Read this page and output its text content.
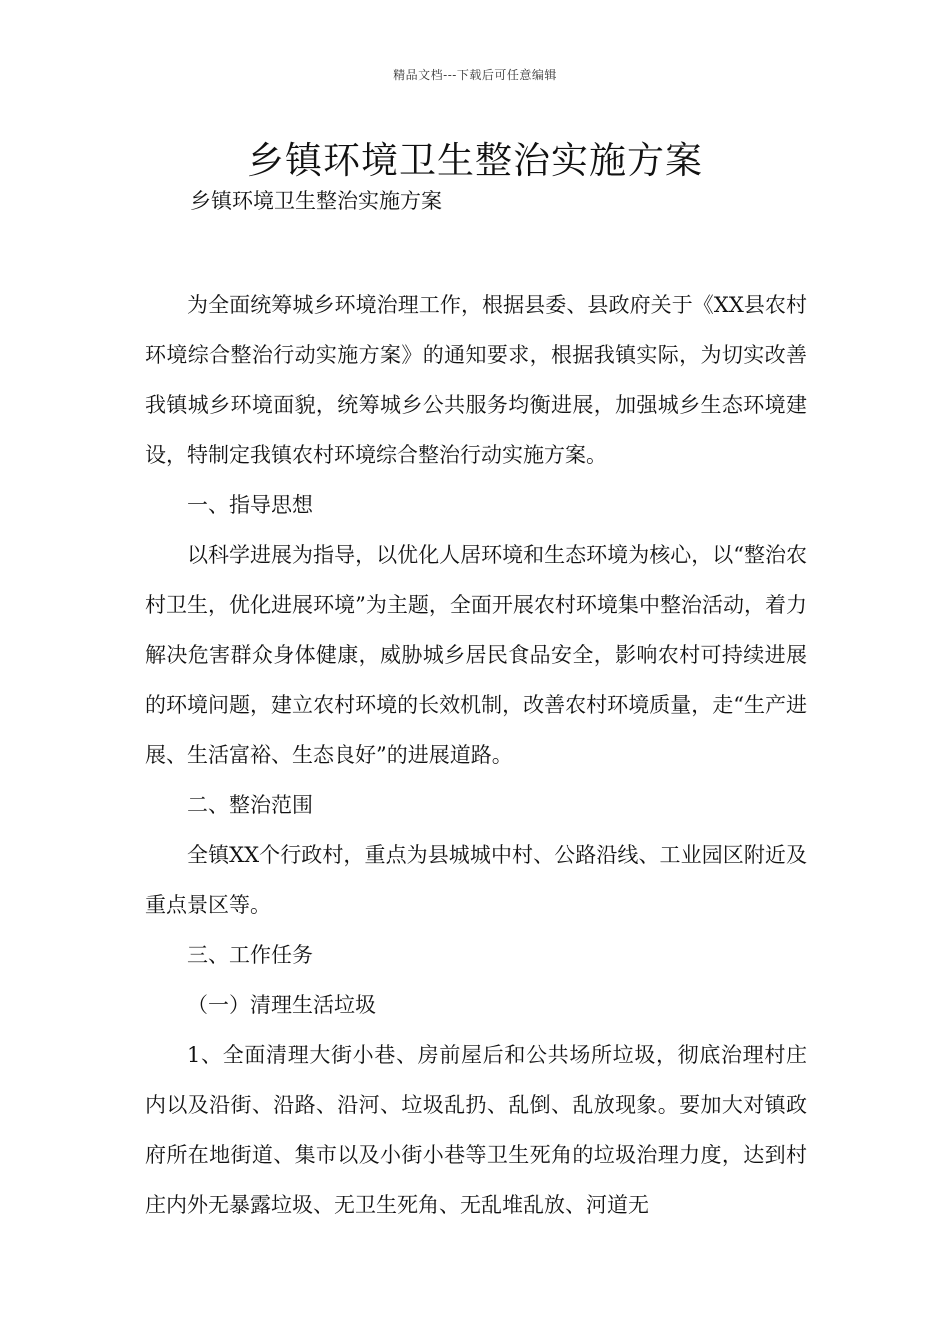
精品文档---下载后可任意编辑
乡镇环境卫生整治实施方案
乡镇环境卫生整治实施方案

为全面统筹城乡环境治理工作，根据县委、县政府关于《XX县农村环境综合整治行动实施方案》的通知要求，根据我镇实际，为切实改善我镇城乡环境面貌，统筹城乡公共服务均衡进展，加强城乡生态环境建设，特制定我镇农村环境综合整治行动实施方案。

一、指导思想

以科学进展为指导，以优化人居环境和生态环境为核心，以“整治农村卫生，优化进展环境”为主题，全面开展农村环境集中整治活动，着力解决危害群众身体健康，威胁城乡居民食品安全，影响农村可持续进展的环境问题，建立农村环境的长效机制，改善农村环境质量，走“生产进展、生活富裕、生态良好”的进展道路。

二、整治范围

全镇XX个行政村，重点为县城城中村、公路沿线、工业园区附近及重点景区等。

三、工作任务

（一）清理生活垃圾

1、全面清理大街小巷、房前屋后和公共场所垃圾，彻底治理村庄内以及沿街、沿路、沿河、垃圾乱扔、乱倒、乱放现象。要加大对镇政府所在地街道、集市以及小街小巷等卫生死角的垃圾治理力度，达到村庄内外无暴露垃圾、无卫生死角、无乱堆乱放、河道无
